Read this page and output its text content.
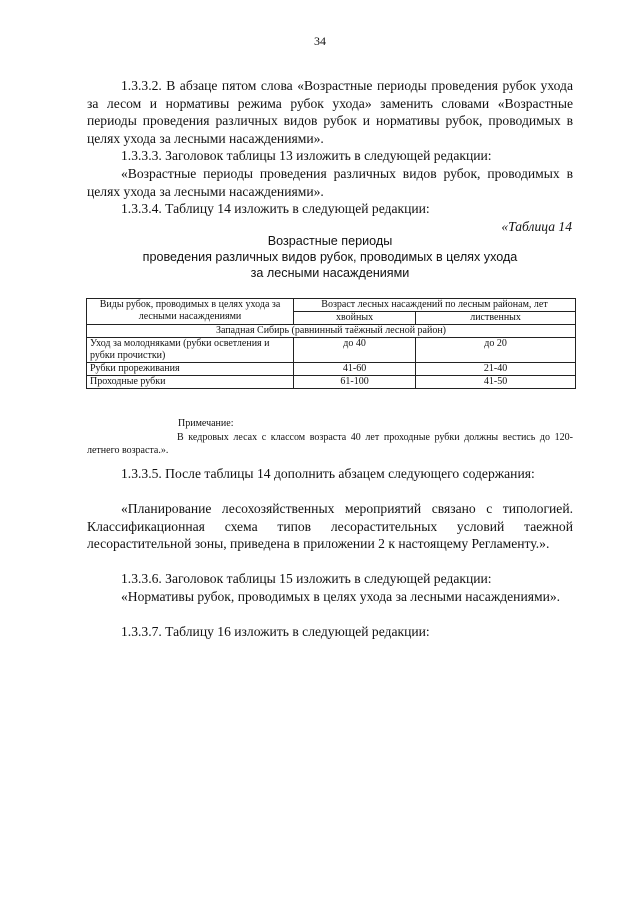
34

1.3.3.2. В абзаце пятом слова «Возрастные периоды проведения рубок ухода за лесом и нормативы режима рубок ухода» заменить словами «Возрастные периоды проведения различных видов рубок и нормативы рубок, проводимых в целях ухода за лесными насаждениями».

1.3.3.3. Заголовок таблицы 13 изложить в следующей редакции:

«Возрастные периоды проведения различных видов рубок, проводимых в целях ухода за лесными насаждениями».

1.3.3.4. Таблицу 14 изложить в следующей редакции:

«Таблица 14
Возрастные периоды
проведения различных видов рубок, проводимых в целях ухода
за лесными насаждениями
Виды рубок, проводимых в целях ухода за лесными насаждениями	Возраст лесных насаждений по лесным районам, лет	
	хвойных	лиственных
Западная Сибирь (равнинный таёжный лесной район)		
Уход за молодняками (рубки осветления и рубки прочистки)	до 40	до 20
Рубки прореживания	41-60	21-40
Проходные рубки	61-100	41-50
Примечание:
В кедровых лесах с классом возраста 40 лет проходные рубки должны вестись до 120-летнего возраста.».

1.3.3.5. После таблицы 14 дополнить абзацем следующего содержания:

«Планирование лесохозяйственных мероприятий связано с типологией. Классификационная схема типов лесорастительных условий таежной лесорастительной зоны, приведена в приложении 2 к настоящему Регламенту.».

1.3.3.6. Заголовок таблицы 15 изложить в следующей редакции:

«Нормативы рубок, проводимых в целях ухода за лесными насаждениями».

1.3.3.7. Таблицу 16 изложить в следующей редакции:
